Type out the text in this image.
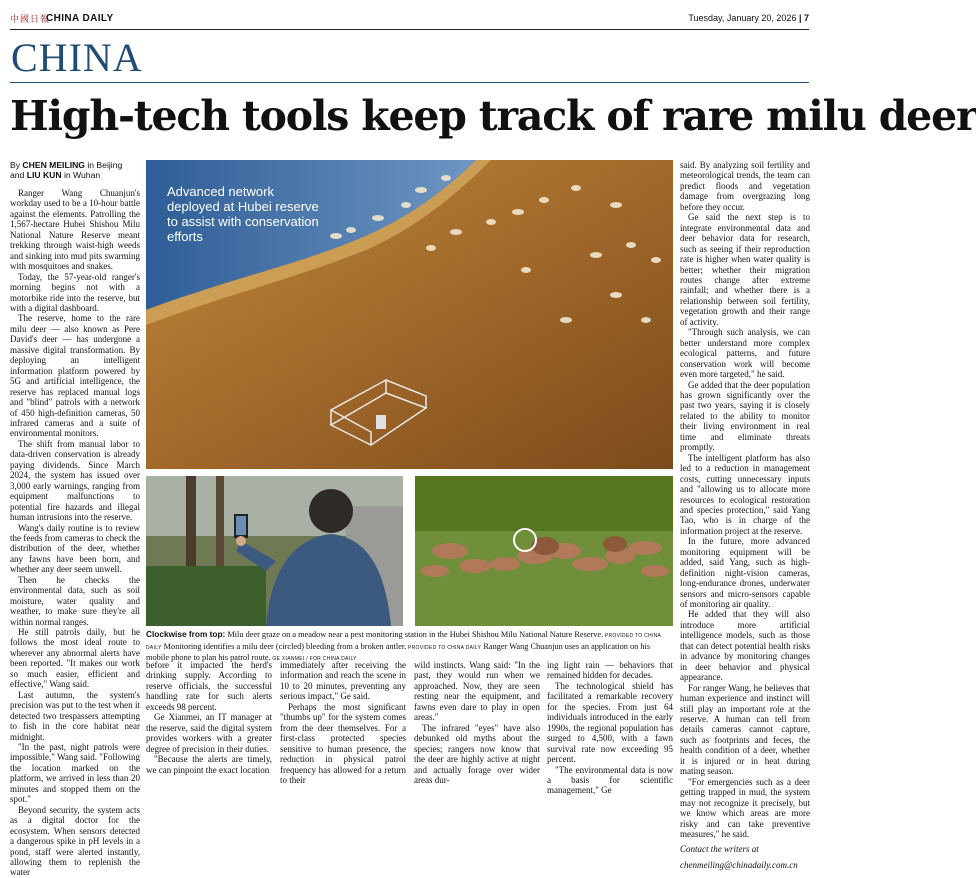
中國日報
CHINA DAILY	Tuesday, January 20, 2026 | 7
CHINA
High-tech tools keep track of rare milu deer

By CHEN MEILING in Beijing
and LIU KUN in Wuhan

Ranger Wang Chuanjun's workday used to be a 10-hour battle against the elements. Patrolling the 1,567-hectare Hubei Shishou Milu National Nature Reserve meant trekking through waist-high weeds and sinking into mud pits swarming with mosquitoes and snakes.

Today, the 57-year-old ranger's morning begins not with a motorbike ride into the reserve, but with a digital dashboard.

The reserve, home to the rare milu deer — also known as Pere David's deer — has undergone a massive digital transformation. By deploying an intelligent information platform powered by 5G and artificial intelligence, the reserve has replaced manual logs and "blind" patrols with a network of 450 high-definition cameras, 50 infrared cameras and a suite of environmental monitors.

The shift from manual labor to data-driven conservation is already paying dividends. Since March 2024, the system has issued over 3,000 early warnings, ranging from equipment malfunctions to potential fire hazards and illegal human intrusions into the reserve.

Wang's daily routine is to review the feeds from cameras to check the distribution of the deer, whether any fawns have been born, and whether any deer seem unwell.

Then he checks the environmental data, such as soil moisture, water quality and weather, to make sure they're all within normal ranges.

He still patrols daily, but he follows the most ideal route to wherever any abnormal alerts have been reported. "It makes our work so much easier, efficient and effective," Wang said.

Last autumn, the system's precision was put to the test when it detected two trespassers attempting to fish in the core habitat near midnight.

"In the past, night patrols were impossible," Wang said. "Following the location marked on the platform, we arrived in less than 20 minutes and stopped them on the spot."

Beyond security, the system acts as a digital doctor for the ecosystem. When sensors detected a dangerous spike in pH levels in a pond, staff were alerted instantly, allowing them to replenish the water

Advanced network deployed at Hubei reserve to assist with conservation efforts
Clockwise from top: Milu deer graze on a meadow near a pest monitoring station in the Hubei Shishou Milu National Nature Reserve. PROVIDED TO CHINA DAILY Monitoring identifies a milu deer (circled) bleeding from a broken antler. PROVIDED TO CHINA DAILY Ranger Wang Chuanjun uses an application on his mobile phone to plan his patrol route. GE XIANMEI / FOR CHINA DAILY

before it impacted the herd's drinking supply. According to reserve officials, the successful handling rate for such alerts exceeds 98 percent.

Ge Xianmei, an IT manager at the reserve, said the digital system provides workers with a greater degree of precision in their duties.

"Because the alerts are timely, we can pinpoint the exact location

immediately after receiving the information and reach the scene in 10 to 20 minutes, preventing any serious impact," Ge said.

Perhaps the most significant "thumbs up" for the system comes from the deer themselves. For a first-class protected species sensitive to human presence, the reduction in physical patrol frequency has allowed for a return to their

wild instincts. Wang said: "In the past, they would run when we approached. Now, they are seen resting near the equipment, and fawns even dare to play in open areas."

The infrared "eyes" have also debunked old myths about the species; rangers now know that the deer are highly active at night and actually forage over wider areas dur-

ing light rain — behaviors that remained hidden for decades.

The technological shield has facilitated a remarkable recovery for the species. From just 64 individuals introduced in the early 1990s, the regional population has surged to 4,500, with a fawn survival rate now exceeding 95 percent.

"The environmental data is now a basis for scientific management," Ge

said. By analyzing soil fertility and meteorological trends, the team can predict floods and vegetation damage from overgrazing long before they occur.

Ge said the next step is to integrate environmental data and deer behavior data for research, such as seeing if their reproduction rate is higher when water quality is better; whether their migration routes change after extreme rainfall; and whether there is a relationship between soil fertility, vegetation growth and their range of activity.

"Through such analysis, we can better understand more complex ecological patterns, and future conservation work will become even more targeted," he said.

Ge added that the deer population has grown significantly over the past two years, saying it is closely related to the ability to monitor their living environment in real time and eliminate threats promptly.

The intelligent platform has also led to a reduction in management costs, cutting unnecessary inputs and "allowing us to allocate more resources to ecological restoration and species protection," said Yang Tao, who is in charge of the information project at the reserve.

In the future, more advanced monitoring equipment will be added, said Yang, such as high-definition night-vision cameras, long-endurance drones, underwater sensors and micro-sensors capable of monitoring air quality.

He added that they will also introduce more artificial intelligence models, such as those that can detect potential health risks in advance by monitoring changes in deer behavior and physical appearance.

For ranger Wang, he believes that human experience and instinct will still play an important role at the reserve. A human can tell from details cameras cannot capture, such as footprints and feces, the health condition of a deer, whether it is injured or in heat during mating season.

"For emergencies such as a deer getting trapped in mud, the system may not recognize it precisely, but we know which areas are more risky and can take preventive measures," he said.

Contact the writers at

chenmeiling@chinadaily.com.cn
